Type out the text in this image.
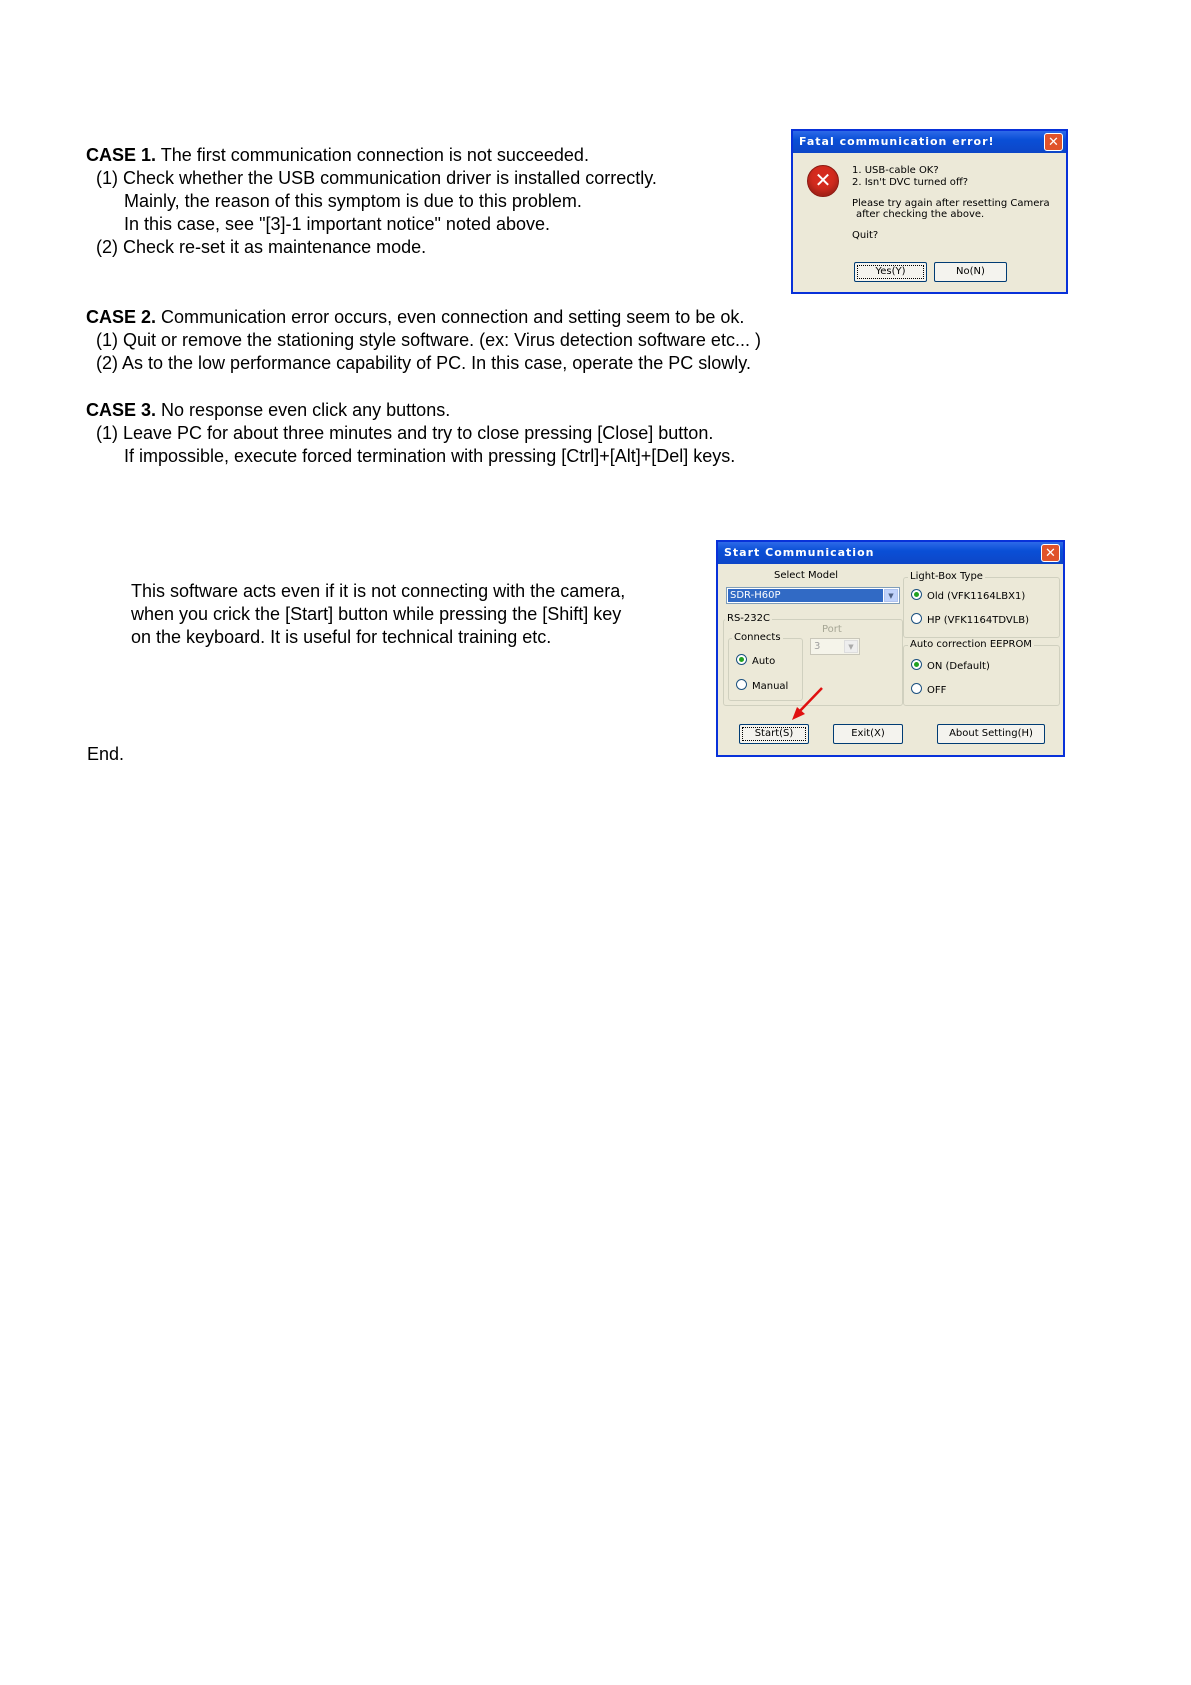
CASE 1. The first communication connection is not succeeded.
(1) Check whether the USB communication driver is installed correctly.
Mainly, the reason of this symptom is due to this problem.
In this case, see "[3]-1 important notice" noted above.
(2) Check re-set it as maintenance mode.
CASE 2. Communication error occurs, even connection and setting seem to be ok.
(1) Quit or remove the stationing style software. (ex: Virus detection software etc... )
(2) As to the low performance capability of PC. In this case, operate the PC slowly.
CASE 3. No response even click any buttons.
(1) Leave PC for about three minutes and try to close pressing [Close] button.
If impossible, execute forced termination with pressing [Ctrl]+[Alt]+[Del] keys.
This software acts even if it is not connecting with the camera,
when you crick the [Start] button while pressing the [Shift] key
on the keyboard. It is useful for technical training etc.
End.
Fatal communication error!	✕
✕	1. USB-cable OK?
2. Isn't DVC turned off?
Please try again after resetting Camera
after checking the above.
Quit?
Yes(Y)	No(N)
Start Communication	✕
Select Model
SDR-H60P	▼
RS-232C
Port
3	▼
Connects
Auto
Manual
Light-Box Type
Old (VFK1164LBX1)
HP (VFK1164TDVLB)
Auto correction EEPROM
ON (Default)
OFF
Start(S)	Exit(X)	About Setting(H)
